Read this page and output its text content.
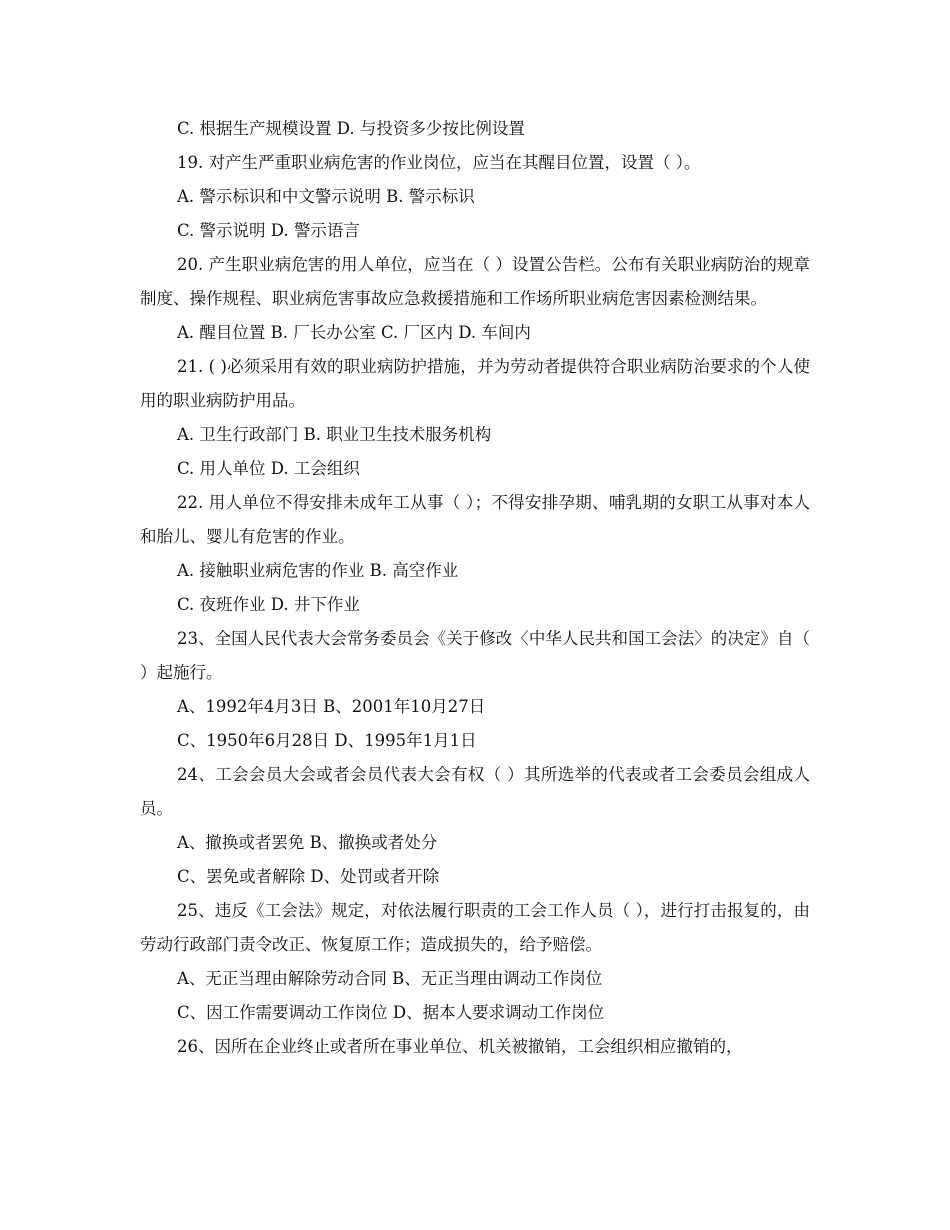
C. 根据生产规模设置 D. 与投资多少按比例设置
19. 对产生严重职业病危害的作业岗位，应当在其醒目位置，设置（ ）。
A. 警示标识和中文警示说明 B. 警示标识
C. 警示说明 D. 警示语言
20. 产生职业病危害的用人单位，应当在（ ）设置公告栏。公布有关职业病防治的规章制度、操作规程、职业病危害事故应急救援措施和工作场所职业病危害因素检测结果。
A. 醒目位置 B. 厂长办公室 C. 厂区内 D. 车间内
21. ( )必须采用有效的职业病防护措施，并为劳动者提供符合职业病防治要求的个人使用的职业病防护用品。
A. 卫生行政部门 B. 职业卫生技术服务机构
C. 用人单位 D. 工会组织
22. 用人单位不得安排未成年工从事（ ）；不得安排孕期、哺乳期的女职工从事对本人和胎儿、婴儿有危害的作业。
A. 接触职业病危害的作业 B. 高空作业
C. 夜班作业 D. 井下作业
23、全国人民代表大会常务委员会《关于修改〈中华人民共和国工会法〉的决定》自（ ）起施行。
A、1992年4月3日 B、2001年10月27日
C、1950年6月28日 D、1995年1月1日
24、工会会员大会或者会员代表大会有权（ ）其所选举的代表或者工会委员会组成人员。
A、撤换或者罢免 B、撤换或者处分
C、罢免或者解除 D、处罚或者开除
25、违反《工会法》规定，对依法履行职责的工会工作人员（ ），进行打击报复的，由劳动行政部门责令改正、恢复原工作；造成损失的，给予赔偿。
A、无正当理由解除劳动合同 B、无正当理由调动工作岗位
C、因工作需要调动工作岗位 D、据本人要求调动工作岗位
26、因所在企业终止或者所在事业单位、机关被撤销，工会组织相应撤销的，
